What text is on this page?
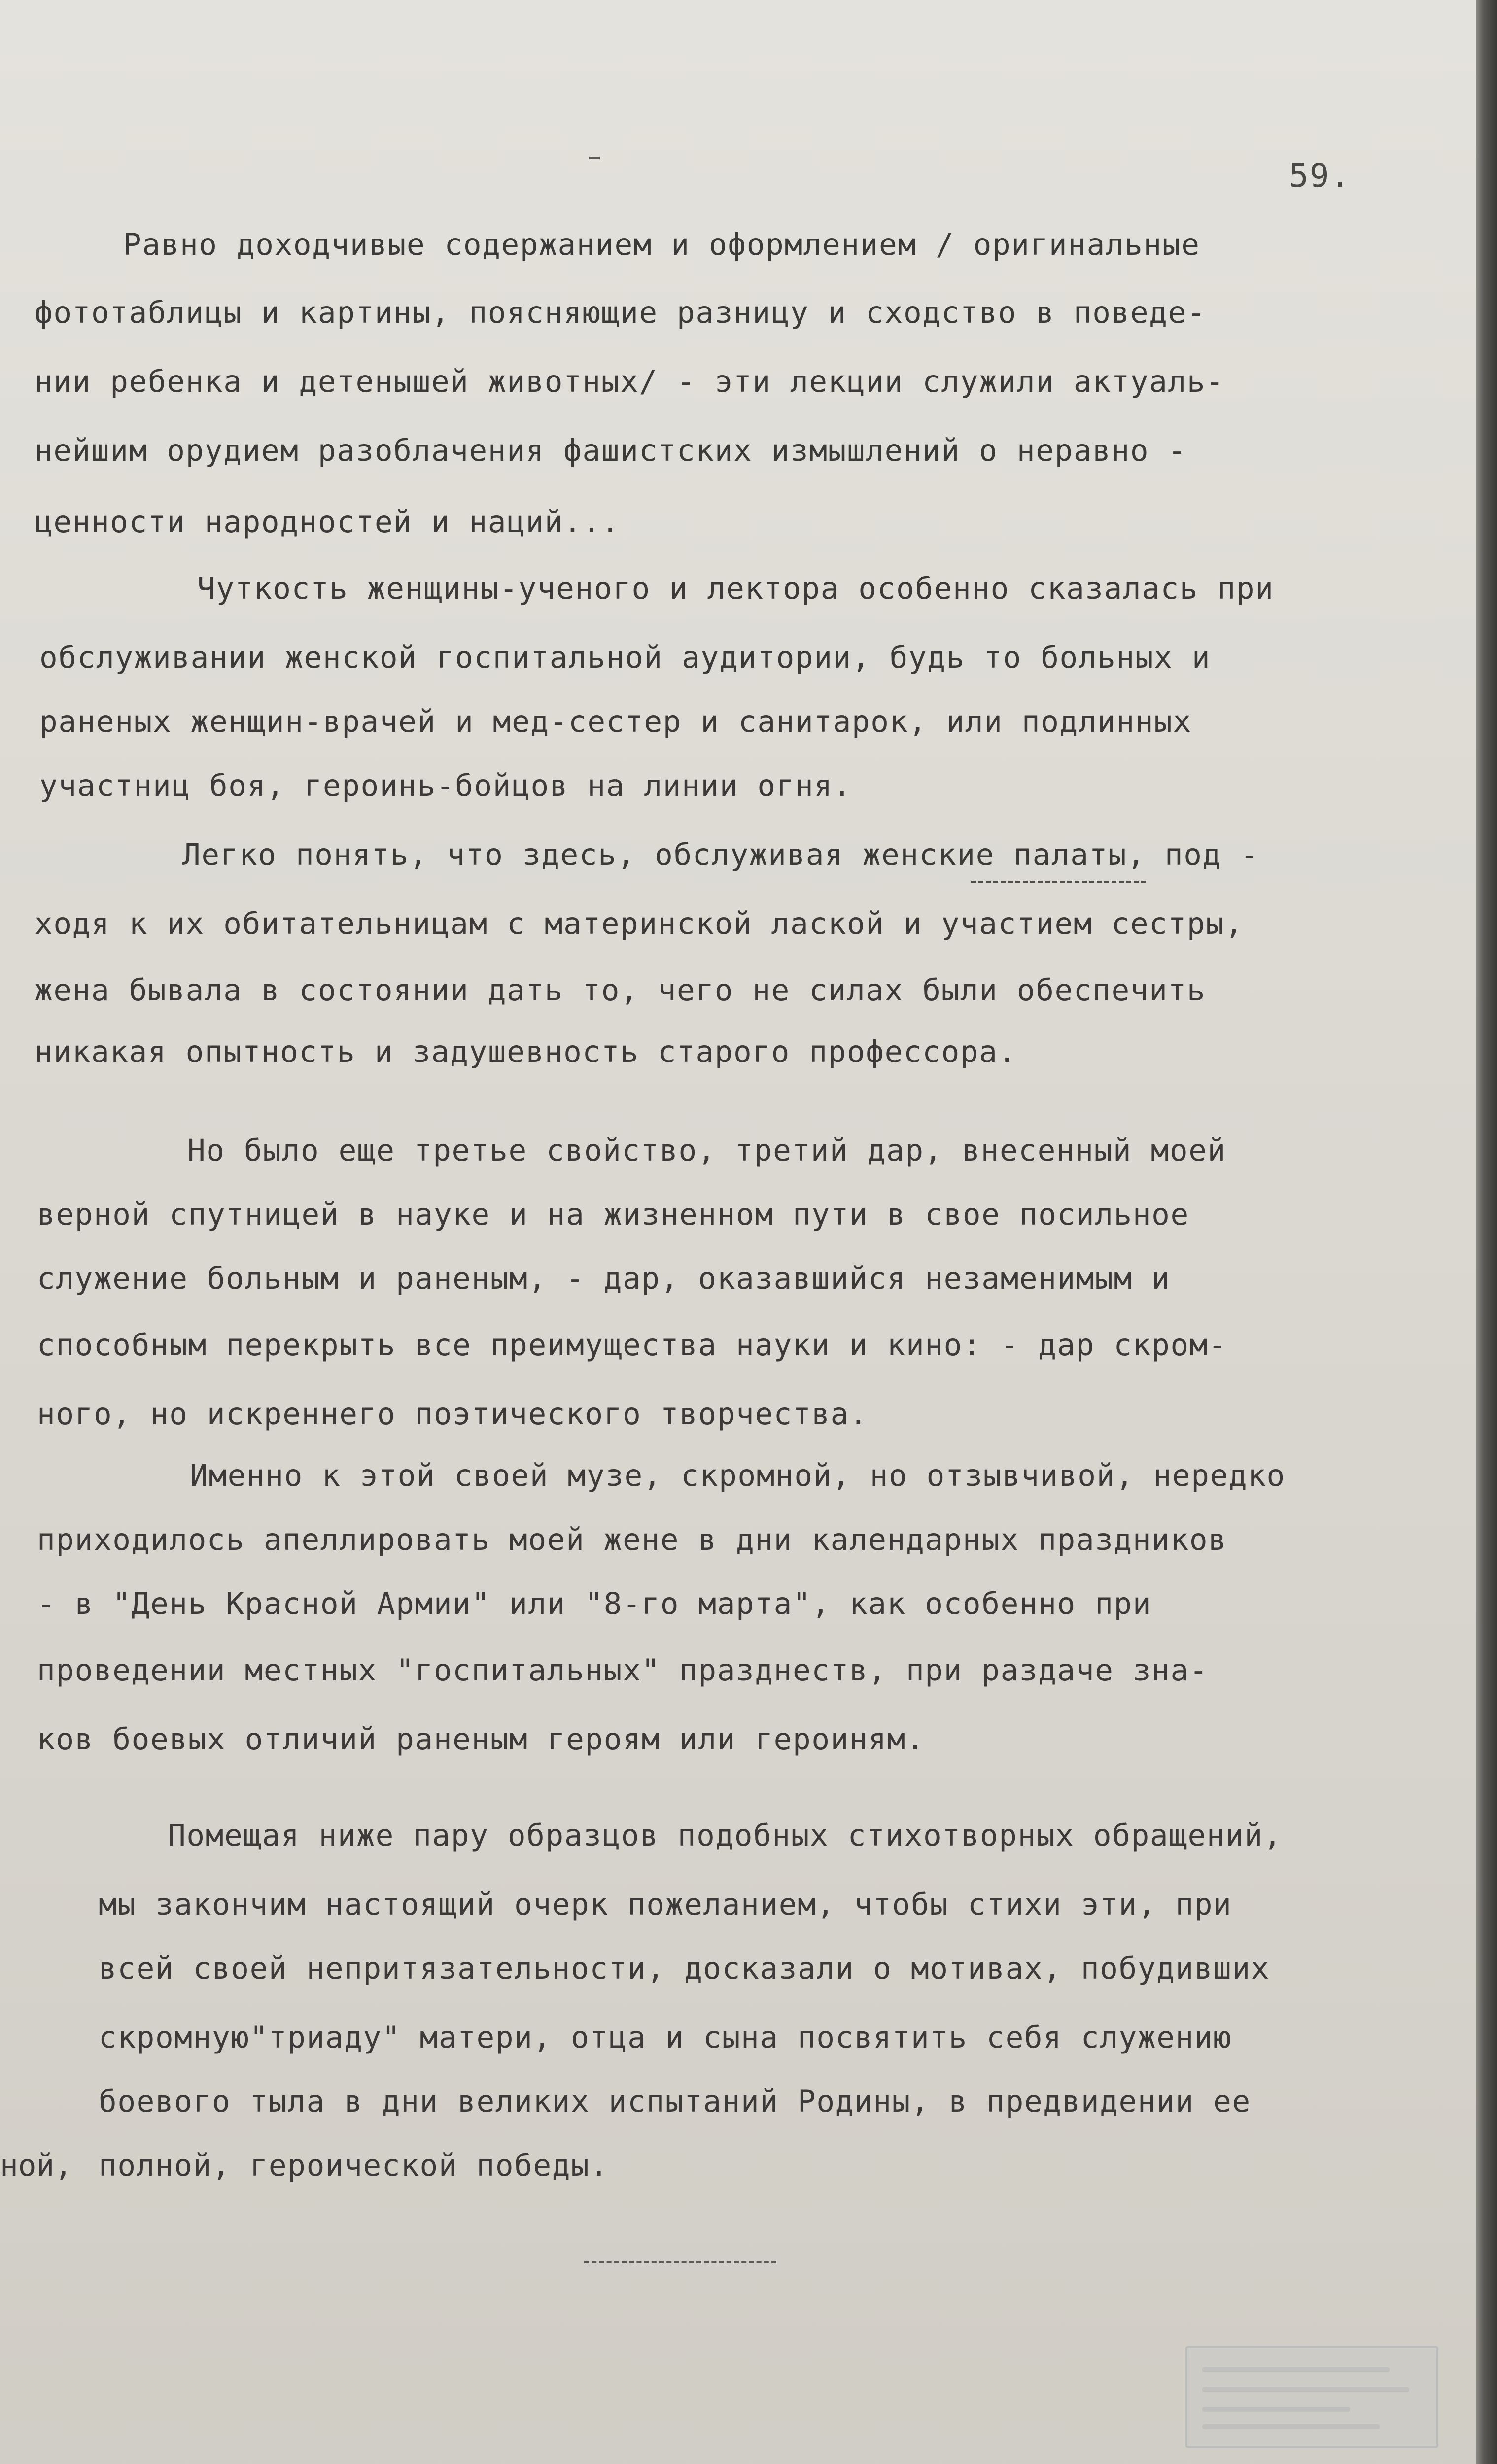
59.
Равно доходчивые содержанием и оформлением / оригинальные
фототаблицы и картины, поясняющие разницу и сходство в поведе-
нии ребенка и детенышей животных/ - эти лекции служили актуаль-
нейшим орудием разоблачения фашистских измышлений о неравно -
ценности народностей и наций...
Чуткость женщины-ученого и лектора особенно сказалась при
обслуживании женской госпитальной аудитории, будь то больных и
раненых женщин-врачей и мед-сестер и санитарок, или подлинных
участниц боя, героинь-бойцов на линии огня.
Легко понять, что здесь, обслуживая женские палаты, под -
ходя к их обитательницам с материнской лаской и участием сестры,
жена бывала в состоянии дать то, чего не силах были обеспечить
никакая опытность и задушевность старого профессора.
Но было еще третье свойство, третий дар, внесенный моей
верной спутницей в науке и на жизненном пути в свое посильное
служение больным и раненым, - дар, оказавшийся незаменимым и
способным перекрыть все преимущества науки и кино: - дар скром-
ного, но искреннего поэтического творчества.
Именно к этой своей музе, скромной, но отзывчивой, нередко
приходилось апеллировать моей жене в дни календарных праздников
- в "День Красной Армии" или "8-го марта", как особенно при
проведении местных "госпитальных" празднеств, при раздаче зна-
ков боевых отличий раненым героям или героиням.
Помещая ниже пару образцов подобных стихотворных обращений,
мы закончим настоящий очерк пожеланием, чтобы стихи эти, при
всей своей непритязательности, досказали о мотивах, побудивших
скромную"триаду" матери, отца и сына посвятить себя служению
боевого тыла в дни великих испытаний Родины, в предвидении ее
полной, героической победы.
ной,
